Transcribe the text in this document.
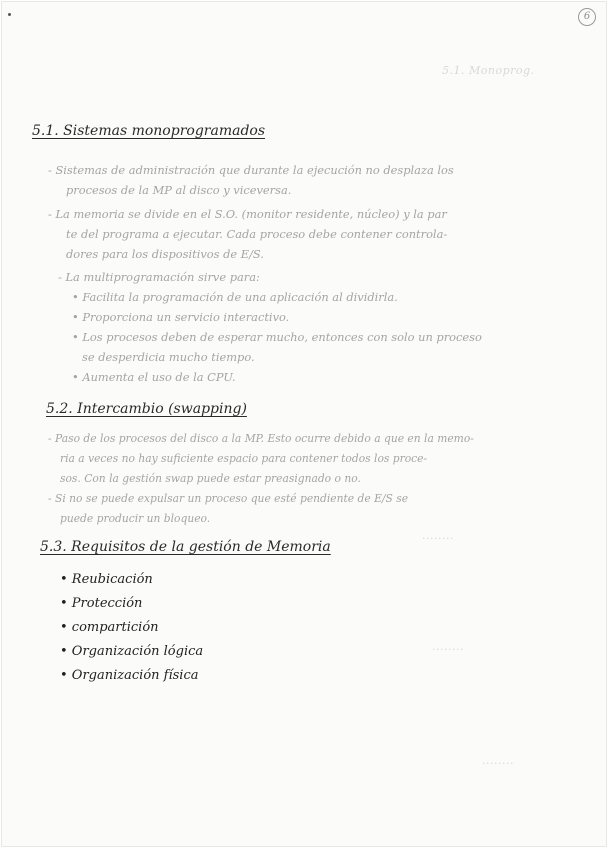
6
5.1. Monoprog.
........
........
........
5.1. Sistemas monoprogramados
- Sistemas de administración que durante la ejecución no desplaza los
procesos de la MP al disco y viceversa.
- La memoria se divide en el S.O. (monitor residente, núcleo) y la par
te del programa a ejecutar. Cada proceso debe contener controla-
dores para los dispositivos de E/S.
- La multiprogramación sirve para:
• Facilita la programación de una aplicación al dividirla.
• Proporciona un servicio interactivo.
• Los procesos deben de esperar mucho, entonces con solo un proceso
se desperdicia mucho tiempo.
• Aumenta el uso de la CPU.
5.2. Intercambio (swapping)
- Paso de los procesos del disco a la MP. Esto ocurre debido a que en la memo-
ria a veces no hay suficiente espacio para contener todos los proce-
sos. Con la gestión swap puede estar preasignado o no.
- Si no se puede expulsar un proceso que esté pendiente de E/S se
puede producir un bloqueo.
5.3. Requisitos de la gestión de Memoria
• Reubicación
• Protección
• compartición
• Organización lógica
• Organización física
